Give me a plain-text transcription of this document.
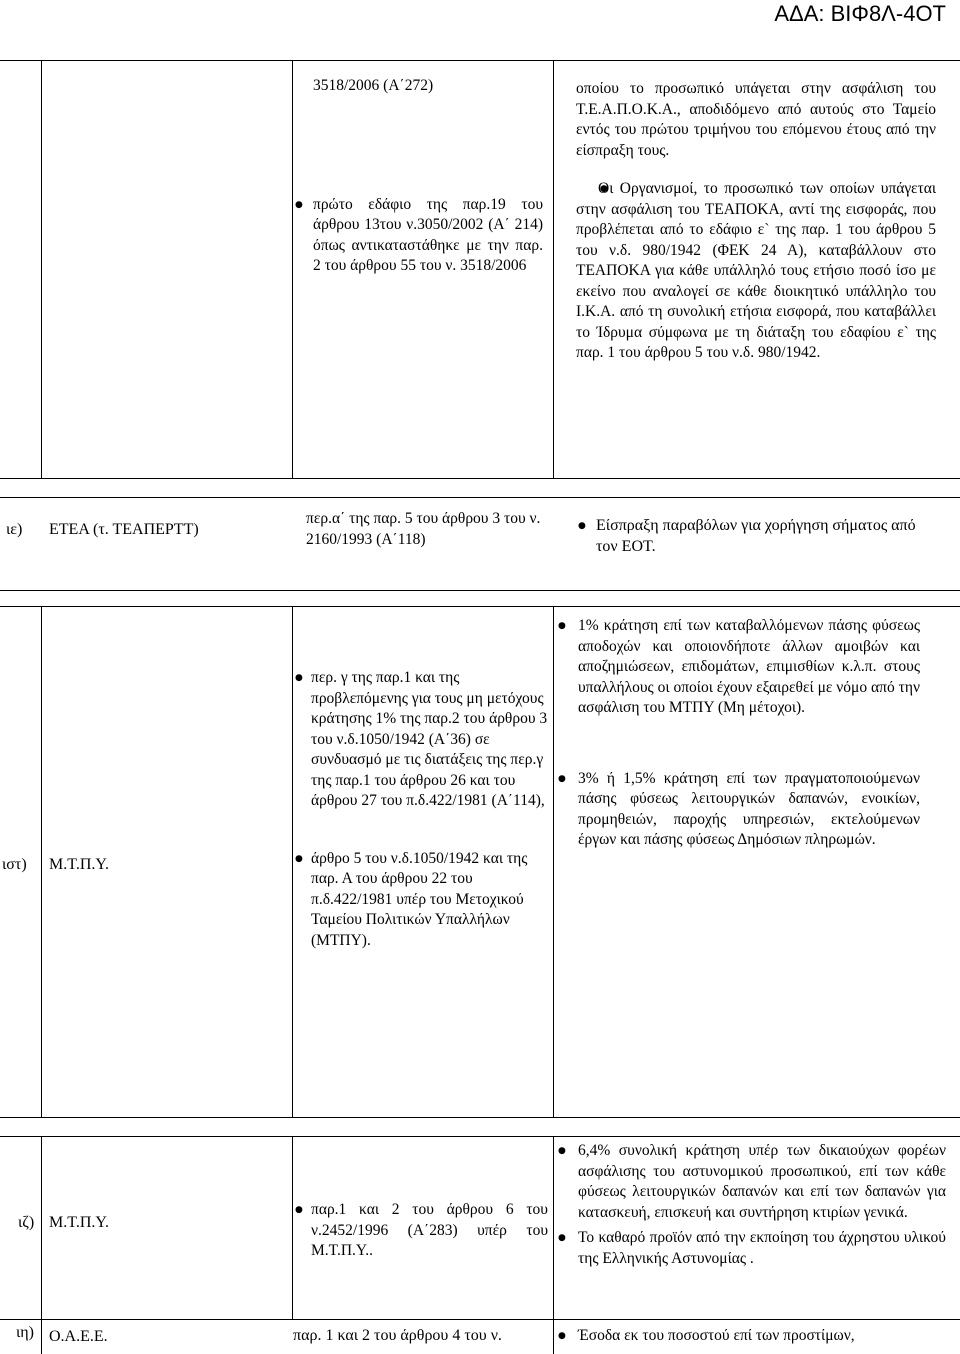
ΑΔΑ: ΒΙΦ8Λ-4ΟΤ
3518/2006 (Α΄272)
● πρώτο εδάφιο της παρ.19 του άρθρου 13του ν.3050/2002 (Α΄ 214) όπως αντικαταστάθηκε με την παρ. 2 του άρθρου 55 του ν. 3518/2006
οποίου το προσωπικό υπάγεται στην ασφάλιση του Τ.Ε.Α.Π.Ο.Κ.Α., αποδιδόμενο από αυτούς στο Ταμείο εντός του πρώτου τριμήνου του επόμενου έτους από την είσπραξη τους.
● Οι Οργανισμοί, το προσωπικό των οποίων υπάγεται στην ασφάλιση του ΤΕΑΠΟΚΑ, αντί της εισφοράς, που προβλέπεται από το εδάφιο ε` της παρ. 1 του άρθρου 5 του ν.δ. 980/1942 (ΦΕΚ 24 Α), καταβάλλουν στο ΤΕΑΠΟΚΑ για κάθε υπάλληλό τους ετήσιο ποσό ίσο με εκείνο που αναλογεί σε κάθε διοικητικό υπάλληλο του Ι.Κ.Α. από τη συνολική ετήσια εισφορά, που καταβάλλει το Ίδρυμα σύμφωνα με τη διάταξη του εδαφίου ε` της παρ. 1 του άρθρου 5 του ν.δ. 980/1942.
ιε) ΕΤΕΑ (τ. ΤΕΑΠΕΡΤΤ)
περ.α΄ της παρ. 5 του άρθρου 3 του ν. 2160/1993 (Α΄118)
● Είσπραξη παραβόλων για χορήγηση σήματος από τον ΕΟΤ.
ιστ) Μ.Τ.Π.Υ.
● περ. γ της παρ.1 και της προβλεπόμενης για τους μη μετόχους κράτησης 1% της παρ.2 του άρθρου 3 του ν.δ.1050/1942 (Α΄36) σε συνδυασμό με τις διατάξεις της περ.γ της παρ.1 του άρθρου 26 και του άρθρου 27 του π.δ.422/1981 (Α΄114),
● άρθρο 5 του ν.δ.1050/1942 και της παρ. Α του άρθρου 22 του π.δ.422/1981 υπέρ του Μετοχικού Ταμείου Πολιτικών Υπαλλήλων (ΜΤΠΥ).
● 1% κράτηση επί των καταβαλλόμενων πάσης φύσεως αποδοχών και οποιονδήποτε άλλων αμοιβών και αποζημιώσεων, επιδομάτων, επιμισθίων κ.λ.π. στους υπαλλήλους οι οποίοι έχουν εξαιρεθεί με νόμο από την ασφάλιση του ΜΤΠΥ (Μη μέτοχοι).
● 3% ή 1,5% κράτηση επί των πραγματοποιούμενων πάσης φύσεως λειτουργικών δαπανών, ενοικίων, προμηθειών, παροχής υπηρεσιών, εκτελούμενων έργων και πάσης φύσεως Δημόσιων πληρωμών.
ιζ) Μ.Τ.Π.Υ.
● παρ.1 και 2 του άρθρου 6 του ν.2452/1996 (Α΄283) υπέρ του Μ.Τ.Π.Υ..
● 6,4% συνολική κράτηση υπέρ των δικαιούχων φορέων ασφάλισης του αστυνομικού προσωπικού, επί των κάθε φύσεως λειτουργικών δαπανών και επί των δαπανών για κατασκευή, επισκευή και συντήρηση κτιρίων γενικά.
● Το καθαρό προϊόν από την εκποίηση του άχρηστου υλικού της Ελληνικής Αστυνομίας .
ιη) Ο.Α.Ε.Ε.	παρ. 1 και 2 του άρθρου 4 του ν.
●	Έσοδα εκ του ποσοστού επί των προστίμων,
